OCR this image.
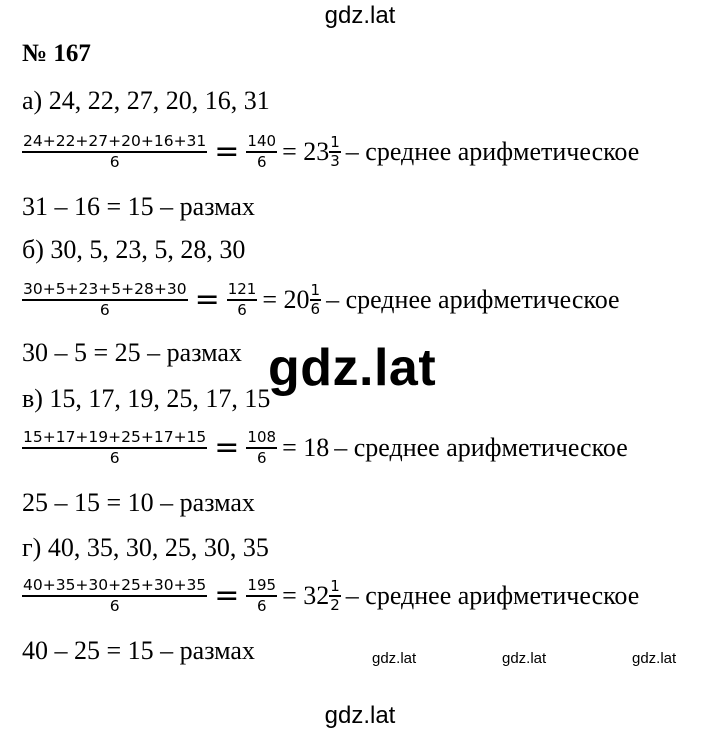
gdz.lat
№ 167
а) 24, 22, 27, 20, 16, 31
$\frac{24+22+27+20+16+31}{6} = \frac{140}{6} = 23 \frac{1}{3}$ – среднее арифметическое
31 – 16 = 15 – размах
б) 30, 5, 23, 5, 28, 30
$\frac{30+5+23+5+28+30}{6} = \frac{121}{6} = 20 \frac{1}{6}$ – среднее арифметическое
30 – 5 = 25 – размах
в) 15, 17, 19, 25, 17, 15
$\frac{15+17+19+25+17+15}{6} = \frac{108}{6} = 18$ – среднее арифметическое
25 – 15 = 10 – размах
г) 40, 35, 30, 25, 30, 35
$\frac{40+35+30+25+30+35}{6} = \frac{195}{6} = 32 \frac{1}{2}$ – среднее арифметическое
40 – 25 = 15 – размах
gdz.lat
gdz.lat	gdz.lat	gdz.lat
gdz.lat
